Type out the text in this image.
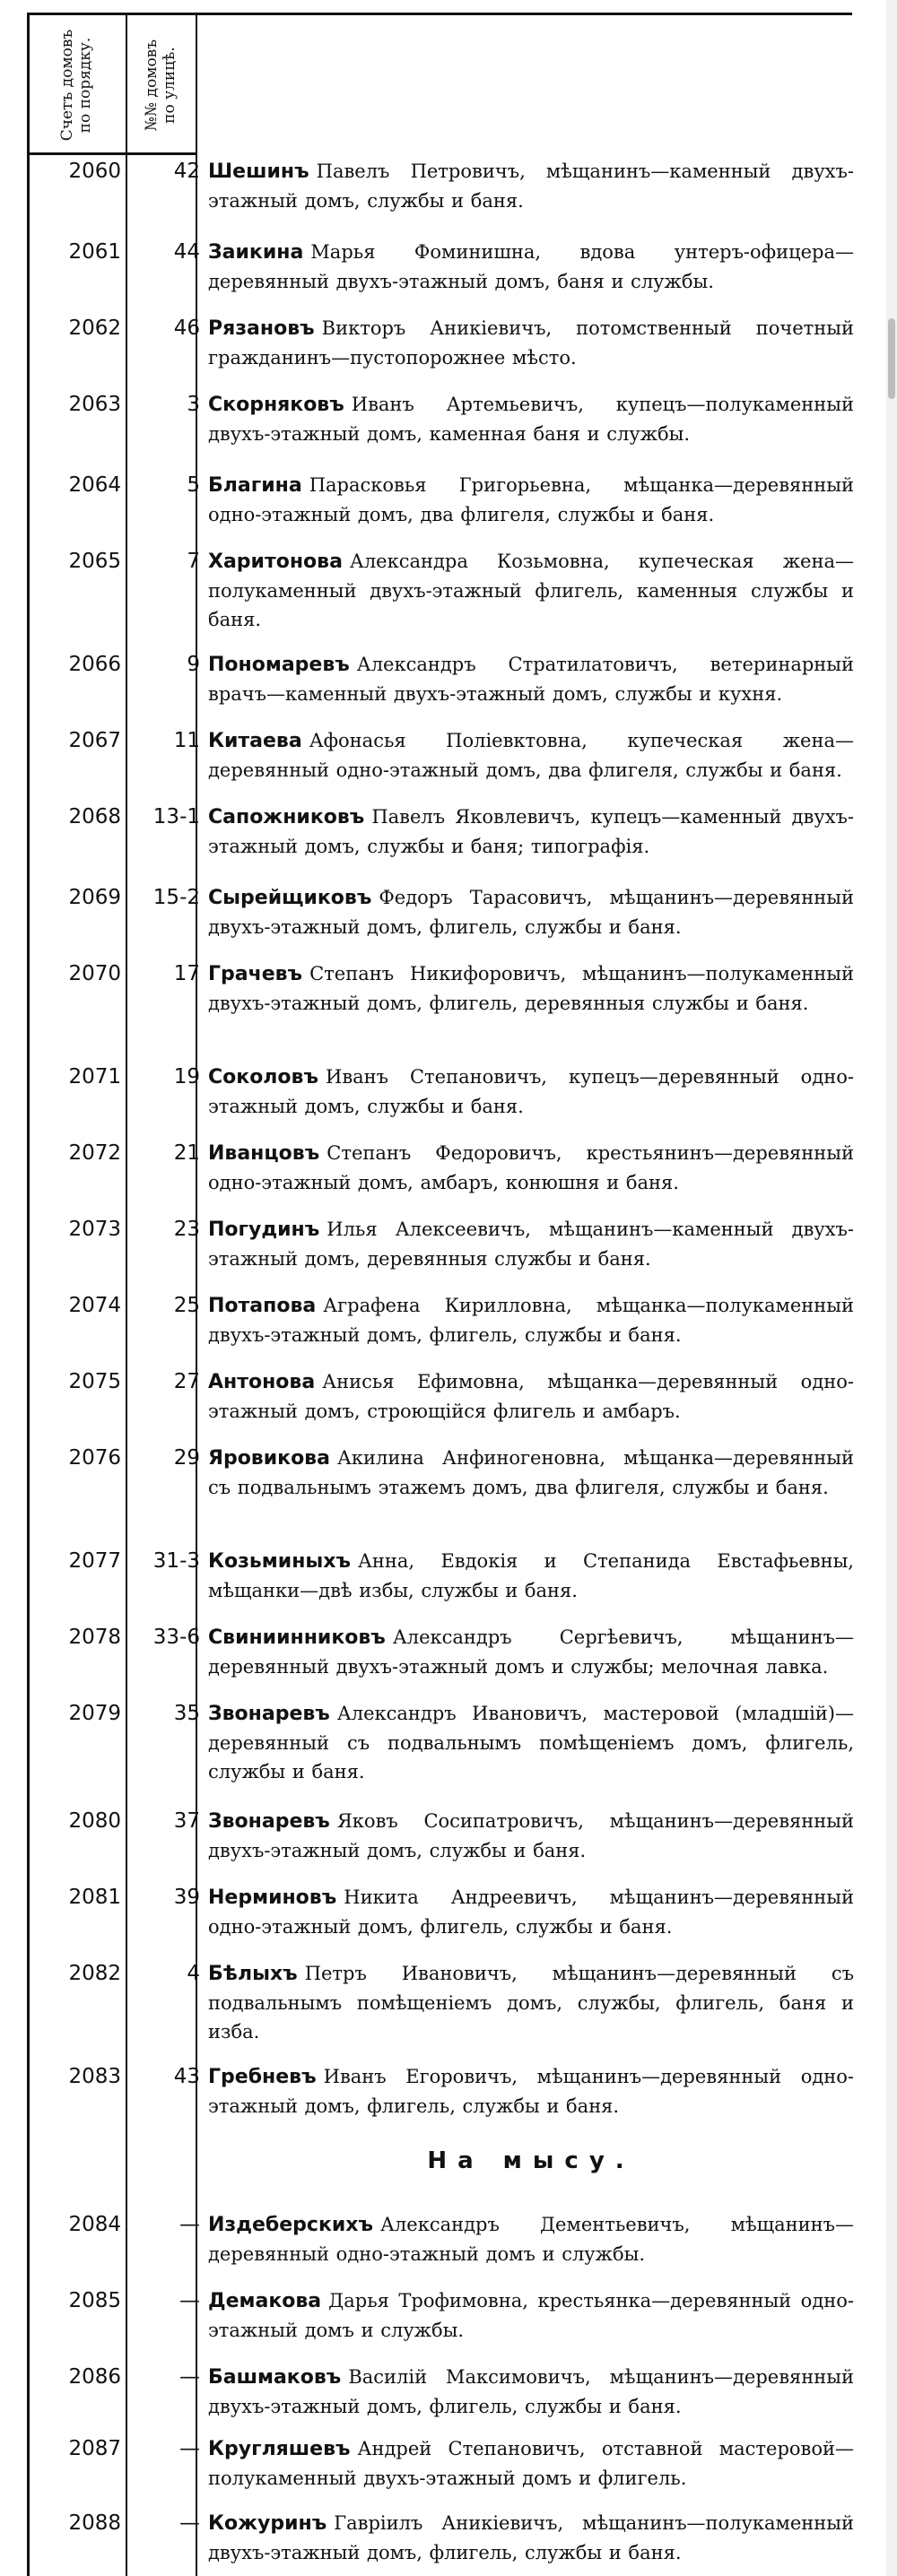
Счетъ домовъ
по порядку.
№№ домовъ
по улицѣ.
2060	42 Шешинъ Павелъ Петровичъ, мѣщанинъ—каменный двухъ-этажный домъ, службы и баня.
2061	44 Заикина Марья Фоминишна, вдова унтеръ-офицера—деревянный двухъ-этажный домъ, баня и службы.
2062	46 Рязановъ Викторъ Аникіевичъ, потомственный почетный гражданинъ—пустопорожнее мѣсто.
2063	3 Скорняковъ Иванъ Артемьевичъ, купецъ—полукаменный двухъ-этажный домъ, каменная баня и службы.
2064	5 Благина Парасковья Григорьевна, мѣщанка—деревянный одно-этажный домъ, два флигеля, службы и баня.
2065	7 Харитонова Александра Козьмовна, купеческая жена—полукаменный двухъ-этажный флигель, каменныя службы и баня.
2066	9 Пономаревъ Александръ Стратилатовичъ, ветеринарный врачъ—каменный двухъ-этажный домъ, службы и кухня.
2067	11 Китаева Афонасья Поліевктовна, купеческая жена—деревянный одно-этажный домъ, два флигеля, службы и баня.
2068	13-1 Сапожниковъ Павелъ Яковлевичъ, купецъ—каменный двухъ-этажный домъ, службы и баня; типографія.
2069	15-2 Сырейщиковъ Федоръ Тарасовичъ, мѣщанинъ—деревянный двухъ-этажный домъ, флигель, службы и баня.
2070	17 Грачевъ Степанъ Никифоровичъ, мѣщанинъ—полукаменный двухъ-этажный домъ, флигель, деревянныя службы и баня.
2071	19 Соколовъ Иванъ Степановичъ, купецъ—деревянный одно-этажный домъ, службы и баня.
2072	21 Иванцовъ Степанъ Федоровичъ, крестьянинъ—деревянный одно-этажный домъ, амбаръ, конюшня и баня.
2073	23 Погудинъ Илья Алексеевичъ, мѣщанинъ—каменный двухъ-этажный домъ, деревянныя службы и баня.
2074	25 Потапова Аграфена Кирилловна, мѣщанка—полукаменный двухъ-этажный домъ, флигель, службы и баня.
2075	27 Антонова Анисья Ефимовна, мѣщанка—деревянный одно-этажный домъ, строющійся флигель и амбаръ.
2076	29 Яровикова Акилина Анфиногеновна, мѣщанка—деревянный съ подвальнымъ этажемъ домъ, два флигеля, службы и баня.
2077	31-3 Козьминыхъ Анна, Евдокія и Степанида Евстафьевны, мѣщанки—двѣ избы, службы и баня.
2078	33-6 Свиниинниковъ Александръ Сергѣевичъ, мѣщанинъ—деревянный двухъ-этажный домъ и службы; мелочная лавка.
2079	35 Звонаревъ Александръ Ивановичъ, мастеровой (младшій)—деревянный съ подвальнымъ помѣщеніемъ домъ, флигель, службы и баня.
2080	37 Звонаревъ Яковъ Сосипатровичъ, мѣщанинъ—деревянный двухъ-этажный домъ, службы и баня.
2081	39 Нерминовъ Никита Андреевичъ, мѣщанинъ—деревянный одно-этажный домъ, флигель, службы и баня.
2082	4 Бѣлыхъ Петръ Ивановичъ, мѣщанинъ—деревянный съ подвальнымъ помѣщеніемъ домъ, службы, флигель, баня и изба.
2083	43 Гребневъ Иванъ Егоровичъ, мѣщанинъ—деревянный одно-этажный домъ, флигель, службы и баня.
На мысу.
2084	— Издеберскихъ Александръ Дементьевичъ, мѣщанинъ—деревянный одно-этажный домъ и службы.
2085	— Демакова Дарья Трофимовна, крестьянка—деревянный одно-этажный домъ и службы.
2086	— Башмаковъ Василій Максимовичъ, мѣщанинъ—деревянный двухъ-этажный домъ, флигель, службы и баня.
2087	— Кругляшевъ Андрей Степановичъ, отставной мастеровой—полукаменный двухъ-этажный домъ и флигель.
2088	— Кожуринъ Гавріилъ Аникіевичъ, мѣщанинъ—полукаменный двухъ-этажный домъ, флигель, службы и баня.
